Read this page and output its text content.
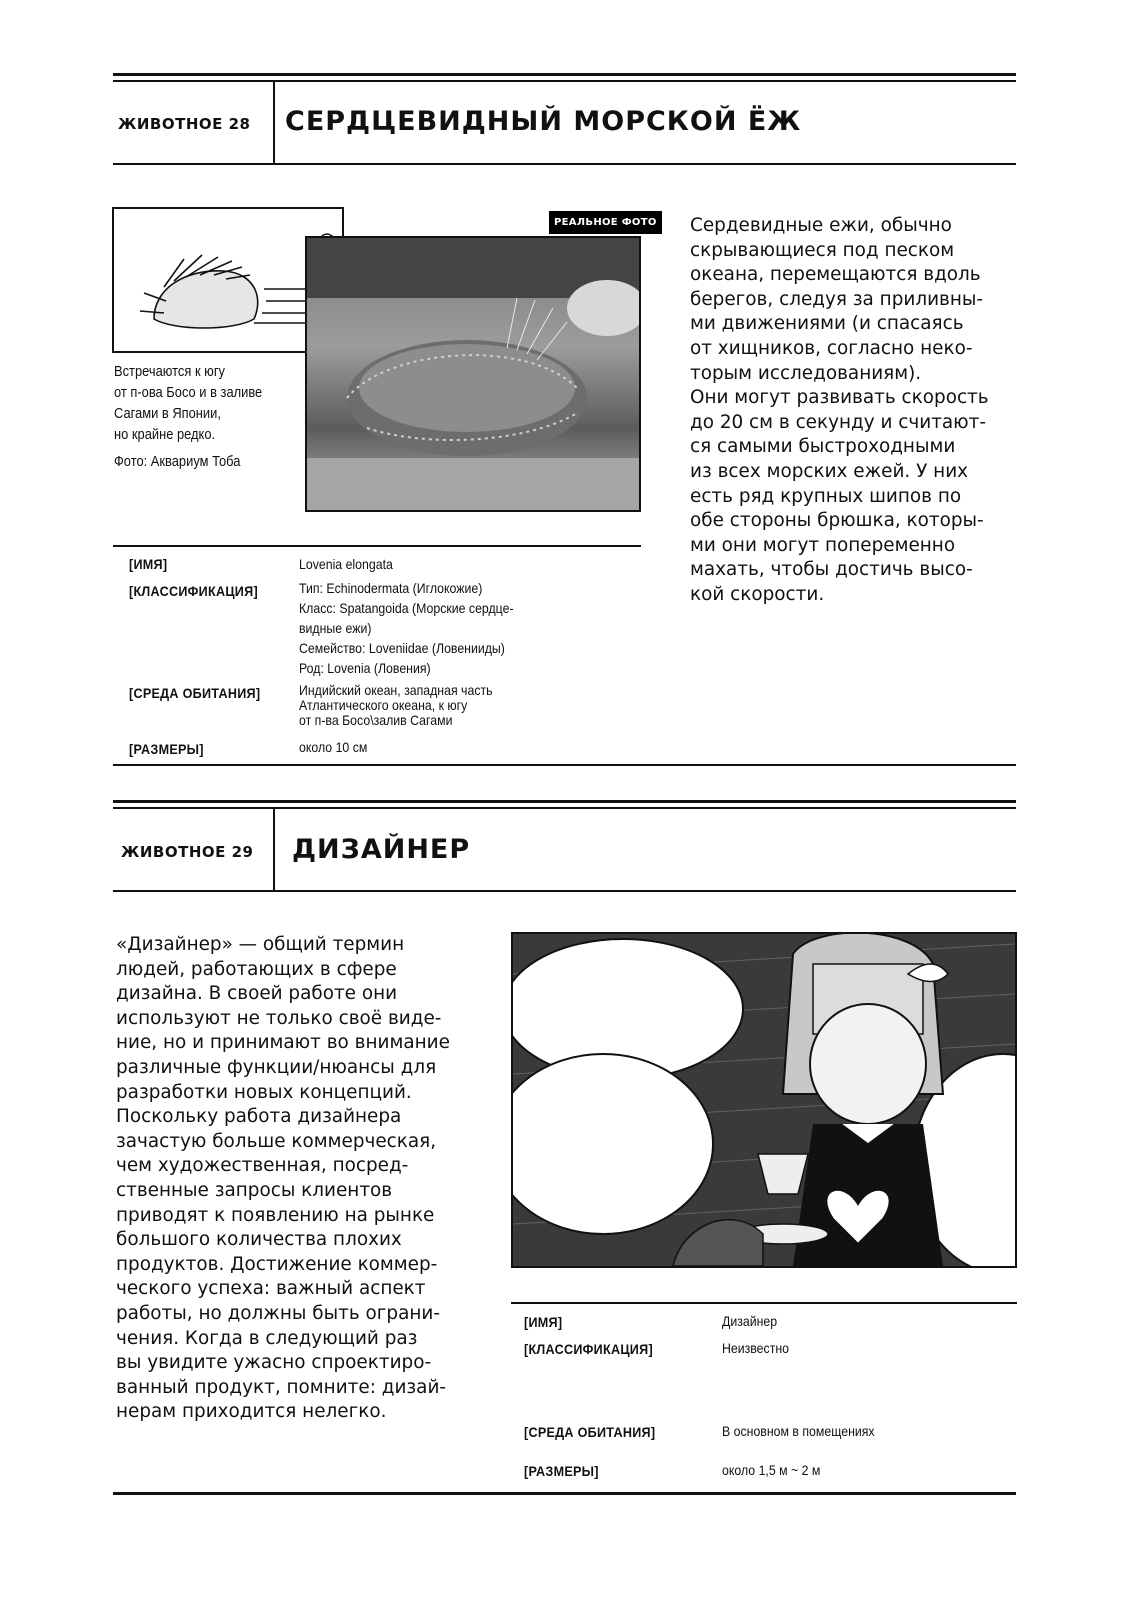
ЖИВОТНОЕ 28 СЕРДЦЕВИДНЫЙ МОРСКОЙ ЁЖ
РЕАЛЬНОЕ ФОТО
Встречаются к югу
от п-ова Босо и в заливе
Сагами в Японии,
но крайне редко.
Фото: Аквариум Тоба
Сердевидные ежи, обычно
скрывающиеся под песком
океана, перемещаются вдоль
берегов, следуя за приливны-
ми движениями (и спасаясь
от хищников, согласно неко-
торым исследованиям).
Они могут развивать скорость
до 20 см в секунду и считают-
ся самыми быстроходными
из всех морских ежей. У них
есть ряд крупных шипов по
обе стороны брюшка, которы-
ми они могут попеременно
махать, чтобы достичь высо-
кой скорости.
[ИМЯ]	Lovenia elongata
[КЛАССИФИКАЦИЯ]	Тип: Echinodermata (Иглокожие)
Класс: Spatangoida (Морские сердце-
видные ежи)
Семейство: Loveniidae (Ловенииды)
Род: Lovenia (Ловения)
[СРЕДА ОБИТАНИЯ]	Индийский океан, западная часть
Атлантического океана, к югу
от п-ва Босо\залив Сагами
[РАЗМЕРЫ]	около 10 см
ЖИВОТНОЕ 29 ДИЗАЙНЕР
«Дизайнер» — общий термин
людей, работающих в сфере
дизайна. В своей работе они
используют не только своё виде-
ние, но и принимают во внимание
различные функции/нюансы для
разработки новых концепций.
Поскольку работа дизайнера
зачастую больше коммерческая,
чем художественная, посред-
ственные запросы клиентов
приводят к появлению на рынке
большого количества плохих
продуктов. Достижение коммер-
ческого успеха: важный аспект
работы, но должны быть ограни-
чения. Когда в следующий раз
вы увидите ужасно спроектиро-
ванный продукт, помните: дизай-
нерам приходится нелегко.
[ИМЯ]	Дизайнер
[КЛАССИФИКАЦИЯ]	Неизвестно
[СРЕДА ОБИТАНИЯ]	В основном в помещениях
[РАЗМЕРЫ]	около 1,5 м ~ 2 м
